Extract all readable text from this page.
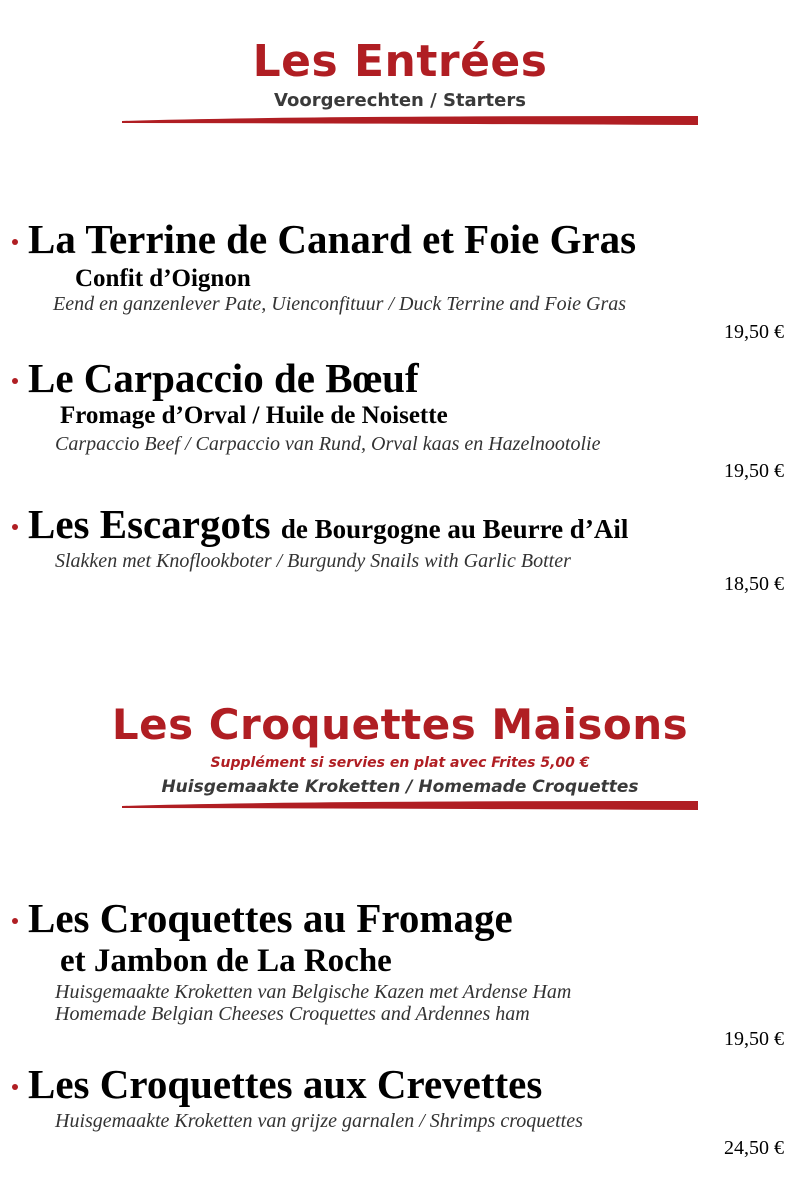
Les Entrées
Voorgerechten / Starters
La Terrine de Canard et Foie Gras
Confit d’Oignon
Eend en ganzenlever Pate, Uienconfituur / Duck Terrine and Foie Gras
19,50 €
Le Carpaccio de Bœuf
Fromage d’Orval / Huile de Noisette
Carpaccio Beef / Carpaccio van Rund, Orval kaas en Hazelnootolie
19,50 €
Les Escargots de Bourgogne au Beurre d’Ail
Slakken met Knoflookboter / Burgundy Snails with Garlic Botter
18,50 €
Les Croquettes Maisons
Supplément si servies en plat avec Frites 5,00 €
Huisgemaakte Kroketten / Homemade Croquettes
Les Croquettes au Fromage
et Jambon de La Roche
Huisgemaakte Kroketten van Belgische Kazen met Ardense Ham
Homemade Belgian Cheeses Croquettes and Ardennes ham
19,50 €
Les Croquettes aux Crevettes
Huisgemaakte Kroketten van grijze garnalen / Shrimps croquettes
24,50 €
